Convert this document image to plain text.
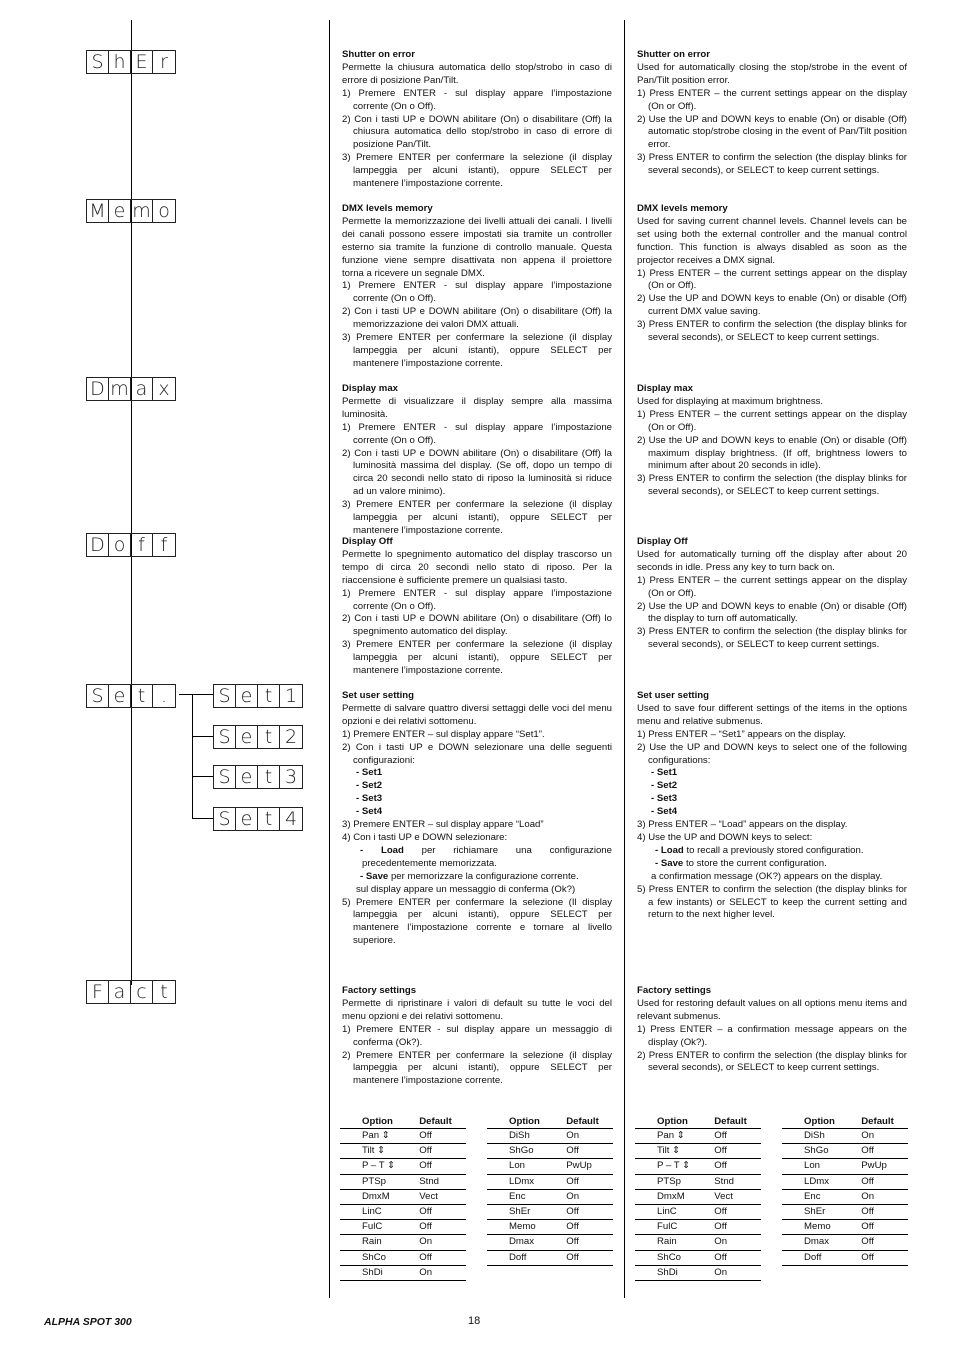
S h E r
M e m o
D m a x
D o f f
S e t .	S e t 1
S e t 2
S e t 3
S e t 4
F a c t
Shutter on error

Permette la chiusura automatica dello stop/strobo in caso di errore di posizione Pan/Tilt.

1) Premere ENTER - sul display appare l’impostazione corrente (On o Off).
2) Con i tasti UP e DOWN abilitare (On) o disabilitare (Off) la chiusura automatica dello stop/strobo in caso di errore di posizione Pan/Tilt.
3) Premere ENTER per confermare la selezione (il display lampeggia per alcuni istanti), oppure SELECT per mantenere l’impostazione corrente.
DMX levels memory

Permette la memorizzazione dei livelli attuali dei canali. I livelli dei canali possono essere impostati sia tramite un controller esterno sia tramite la funzione di controllo manuale. Questa funzione viene sempre disattivata non appena il proiettore torna a ricevere un segnale DMX.

1) Premere ENTER - sul display appare l’impostazione corrente (On o Off).
2) Con i tasti UP e DOWN abilitare (On) o disabilitare (Off) la memorizzazione dei valori DMX attuali.
3) Premere ENTER per confermare la selezione (il display lampeggia per alcuni istanti), oppure SELECT per mantenere l’impostazione corrente.
Display max

Permette di visualizzare il display sempre alla massima luminosità.

1) Premere ENTER - sul display appare l’impostazione corrente (On o Off).
2) Con i tasti UP e DOWN abilitare (On) o disabilitare (Off) la luminosità massima del display. (Se off, dopo un tempo di circa 20 secondi nello stato di riposo la luminosità si riduce ad un valore minimo).
3) Premere ENTER per confermare la selezione (il display lampeggia per alcuni istanti), oppure SELECT per mantenere l’impostazione corrente.
Display Off

Permette lo spegnimento automatico del display trascorso un tempo di circa 20 secondi nello stato di riposo. Per la riaccensione è sufficiente premere un qualsiasi tasto.

1) Premere ENTER - sul display appare l’impostazione corrente (On o Off).
2) Con i tasti UP e DOWN abilitare (On) o disabilitare (Off) lo spegnimento automatico del display.
3) Premere ENTER per confermare la selezione (il display lampeggia per alcuni istanti), oppure SELECT per mantenere l’impostazione corrente.
Set user setting

Permette di salvare quattro diversi settaggi delle voci del menu opzioni e dei relativi sottomenu.

1) Premere ENTER – sul display appare “Set1”.
2) Con i tasti UP e DOWN selezionare una delle seguenti configurazioni:
- Set1
- Set2
- Set3
- Set4
3) Premere ENTER – sul display appare “Load”
4) Con i tasti UP e DOWN selezionare:
- Load per richiamare una configurazione precedentemente memorizzata.
- Save per memorizzare la configurazione corrente.
sul display appare un messaggio di conferma (Ok?)
5) Premere ENTER per confermare la selezione (Il display lampeggia per alcuni istanti), oppure SELECT per mantenere l’impostazione corrente e tornare al livello superiore.
Factory settings

Permette di ripristinare i valori di default su tutte le voci del menu opzioni e dei relativi sottomenu.

1) Premere ENTER - sul display appare un messaggio di conferma (Ok?).
2) Premere ENTER per confermare la selezione (il display lampeggia per alcuni istanti), oppure SELECT per mantenere l’impostazione corrente.
Shutter on error

Used for automatically closing the stop/strobe in the event of Pan/Tilt position error.

1) Press ENTER – the current settings appear on the display (On or Off).
2) Use the UP and DOWN keys to enable (On) or disable (Off) automatic stop/strobe closing in the event of Pan/Tilt position error.
3) Press ENTER to confirm the selection (the display blinks for several seconds), or SELECT to keep current settings.
DMX levels memory

Used for saving current channel levels. Channel levels can be set using both the external controller and the manual control function. This function is always disabled as soon as the projector receives a DMX signal.

1) Press ENTER – the current settings appear on the display (On or Off).
2) Use the UP and DOWN keys to enable (On) or disable (Off) current DMX value saving.
3) Press ENTER to confirm the selection (the display blinks for several seconds), or SELECT to keep current settings.
Display max

Used for displaying at maximum brightness.

1) Press ENTER – the current settings appear on the display (On or Off).
2) Use the UP and DOWN keys to enable (On) or disable (Off) maximum display brightness. (If off, brightness lowers to minimum after about 20 seconds in idle).
3) Press ENTER to confirm the selection (the display blinks for several seconds), or SELECT to keep current settings.
Display Off

Used for automatically turning off the display after about 20 seconds in idle. Press any key to turn back on.

1) Press ENTER – the current settings appear on the display (On or Off).
2) Use the UP and DOWN keys to enable (On) or disable (Off) the display to turn off automatically.
3) Press ENTER to confirm the selection (the display blinks for several seconds), or SELECT to keep current settings.
Set user setting

Used to save four different settings of the items in the options menu and relative submenus.

1) Press ENTER – “Set1” appears on the display.
2) Use the UP and DOWN keys to select one of the following configurations:
- Set1
- Set2
- Set3
- Set4
3) Press ENTER – “Load” appears on the display.
4) Use the UP and DOWN keys to select:
- Load to recall a previously stored configuration.
- Save to store the current configuration.
a confirmation message (OK?) appears on the display.
5) Press ENTER to confirm the selection (the display blinks for a few instants) or SELECT to keep the current setting and return to the next higher level.
Factory settings

Used for restoring default values on all options menu items and relevant submenus.

1) Press ENTER – a confirmation message appears on the display (Ok?).
2) Press ENTER to confirm the selection (the display blinks for several seconds), or SELECT to keep current settings.
Option	Default
Pan ⇕	Off
Tilt ⇕	Off
P – T ⇕	Off
PTSp	Stnd
DmxM	Vect
LinC	Off
FulC	Off
Rain	On
ShCo	Off
ShDi	On
Option	Default
DiSh	On
ShGo	Off
Lon	PwUp
LDmx	Off
Enc	On
ShEr	Off
Memo	Off
Dmax	Off
Doff	Off
Option	Default
Pan ⇕	Off
Tilt ⇕	Off
P – T ⇕	Off
PTSp	Stnd
DmxM	Vect
LinC	Off
FulC	Off
Rain	On
ShCo	Off
ShDi	On
Option	Default
DiSh	On
ShGo	Off
Lon	PwUp
LDmx	Off
Enc	On
ShEr	Off
Memo	Off
Dmax	Off
Doff	Off
ALPHA SPOT 300	18
